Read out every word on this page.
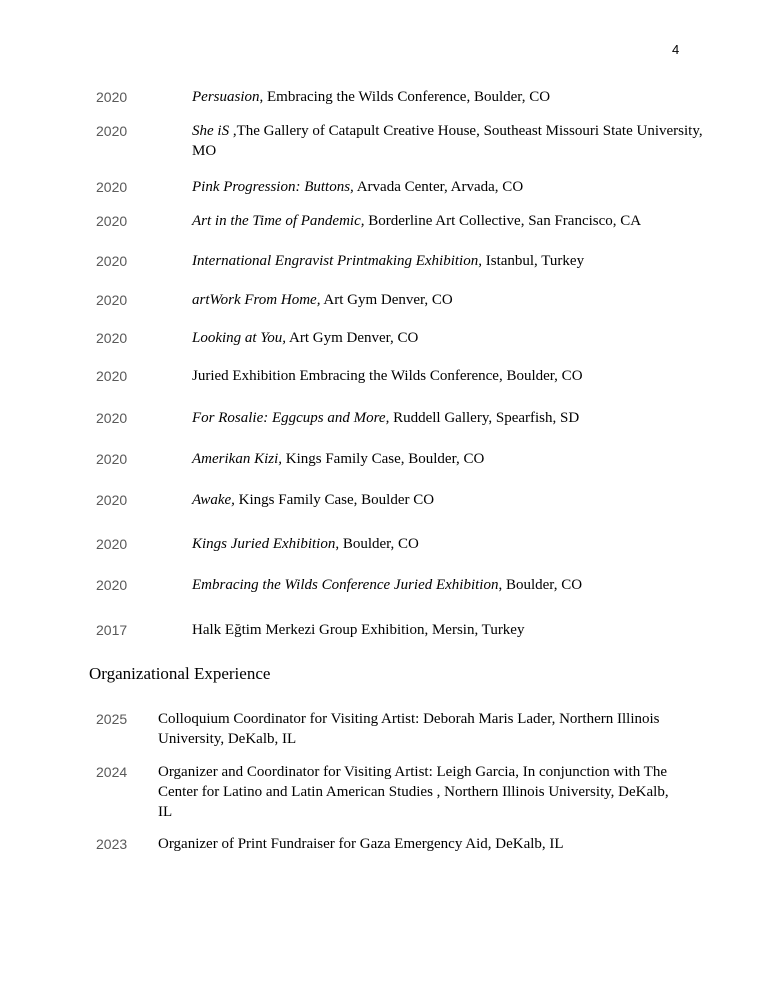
4
2020	Persuasion, Embracing the Wilds Conference, Boulder, CO
2020	She iS ,The Gallery of Catapult Creative House, Southeast Missouri State University, MO
2020	Pink Progression: Buttons, Arvada Center, Arvada, CO
2020	Art in the Time of Pandemic, Borderline Art Collective, San Francisco, CA
2020	International Engravist Printmaking Exhibition, Istanbul, Turkey
2020	artWork From Home, Art Gym Denver, CO
2020	Looking at You, Art Gym Denver, CO
2020	Juried Exhibition Embracing the Wilds Conference, Boulder, CO
2020	For Rosalie: Eggcups and More, Ruddell Gallery, Spearfish, SD
2020	Amerikan Kizi, Kings Family Case, Boulder, CO
2020	Awake, Kings Family Case, Boulder CO
2020	Kings Juried Exhibition, Boulder, CO
2020	Embracing the Wilds Conference Juried Exhibition, Boulder, CO
2017	Halk Eğtim Merkezi Group Exhibition, Mersin, Turkey
Organizational Experience
2025 Colloquium Coordinator for Visiting Artist: Deborah Maris Lader, Northern Illinois University, DeKalb, IL
2024 Organizer and Coordinator for Visiting Artist: Leigh Garcia, In conjunction with The Center for Latino and Latin American Studies , Northern Illinois University, DeKalb, IL
2023 Organizer of Print Fundraiser for Gaza Emergency Aid, DeKalb, IL
